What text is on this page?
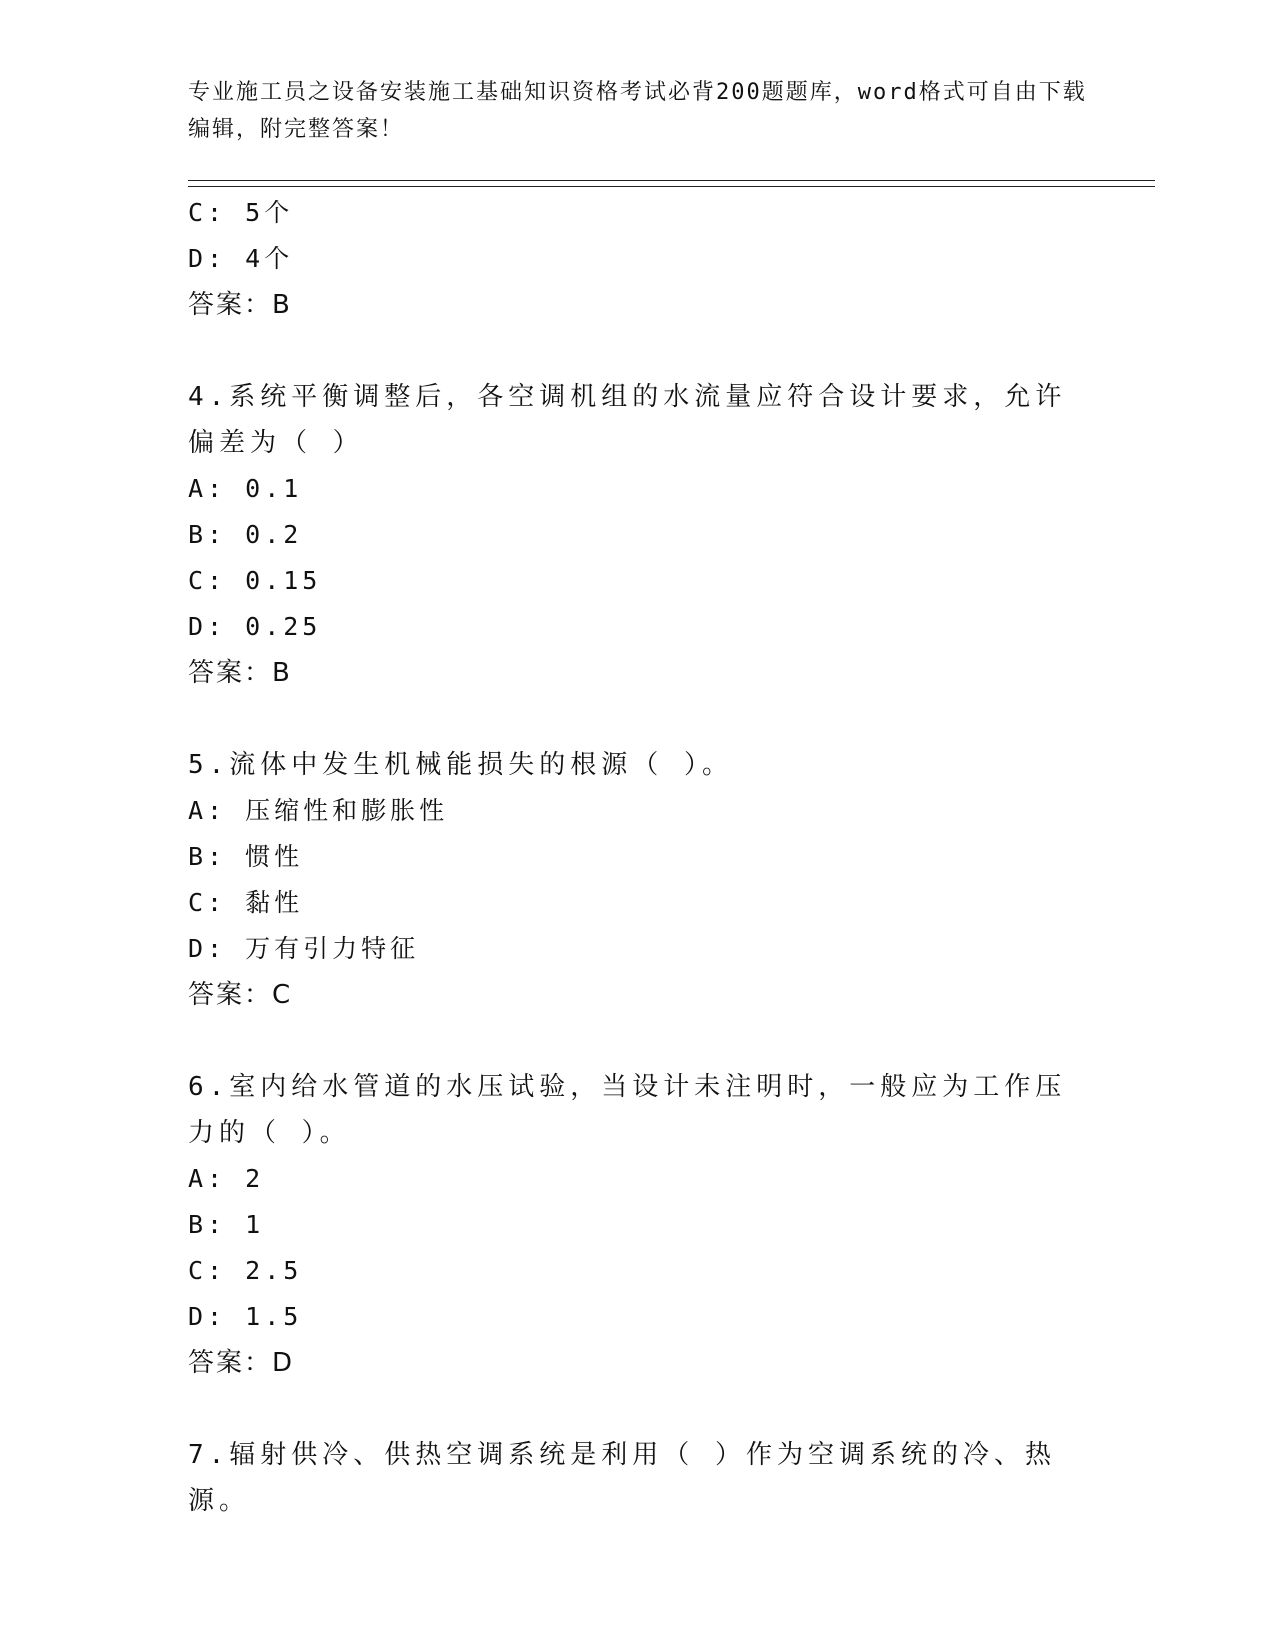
专业施工员之设备安装施工基础知识资格考试必背200题题库，word格式可自由下载编辑，附完整答案！
C: 5个
D: 4个
答案：B
4.系统平衡调整后，各空调机组的水流量应符合设计要求，允许偏差为（ ）
A: 0.1
B: 0.2
C: 0.15
D: 0.25
答案：B
5.流体中发生机械能损失的根源（ ）。
A: 压缩性和膨胀性
B: 惯性
C: 黏性
D: 万有引力特征
答案：C
6.室内给水管道的水压试验，当设计未注明时，一般应为工作压力的（ ）。
A: 2
B: 1
C: 2.5
D: 1.5
答案：D
7.辐射供冷、供热空调系统是利用（ ）作为空调系统的冷、热源。
